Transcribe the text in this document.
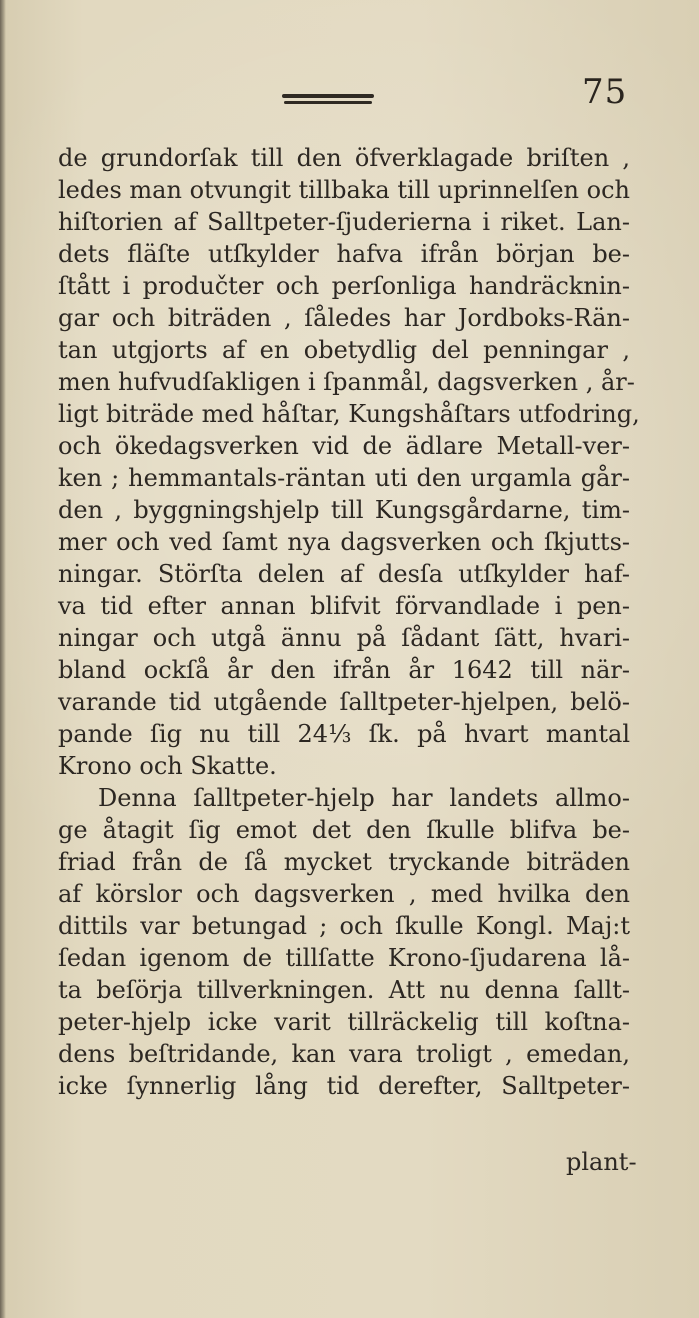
75
de grundorſak till den öfverklagade briſten ,
ledes man otvungit tillbaka till uprinnelſen och
hiſtorien af Salltpeter-ſjuderierna i riket. Lan-
dets fläſte utſkylder hafva ifrån början be-
ſtått i produčter och perſonliga handräcknin-
gar och biträden , ſåledes har Jordboks-Rän-
tan utgjorts af en obetydlig del penningar ,
men hufvudſakligen i ſpanmål, dagsverken , år-
ligt biträde med håſtar, Kungshåſtars utfodring,
och ökedagsverken vid de ädlare Metall-ver-
ken ; hemmantals-räntan uti den urgamla går-
den , byggningshjelp till Kungsgårdarne, tim-
mer och ved ſamt nya dagsverken och ſkjutts-
ningar. Störſta delen af desſa utſkylder haf-
va tid efter annan blifvit förvandlade i pen-
ningar och utgå ännu på ſådant ſätt, hvari-
bland ockſå år den ifrån år 1642 till när-
varande tid utgående ſalltpeter-hjelpen, belö-
pande ſig nu till 24⅓ ſk. på hvart mantal
Krono och Skatte.
Denna ſalltpeter-hjelp har landets allmo-
ge åtagit ſig emot det den ſkulle blifva be-
friad från de ſå mycket tryckande biträden
af körslor och dagsverken , med hvilka den
dittils var betungad ; och ſkulle Kongl. Maj:t
ſedan igenom de tillſatte Krono-ſjudarena lå-
ta beſörja tillverkningen. Att nu denna ſallt-
peter-hjelp icke varit tillräckelig till koſtna-
dens beſtridande, kan vara troligt , emedan,
icke ſynnerlig lång tid derefter, Salltpeter-
plant-
